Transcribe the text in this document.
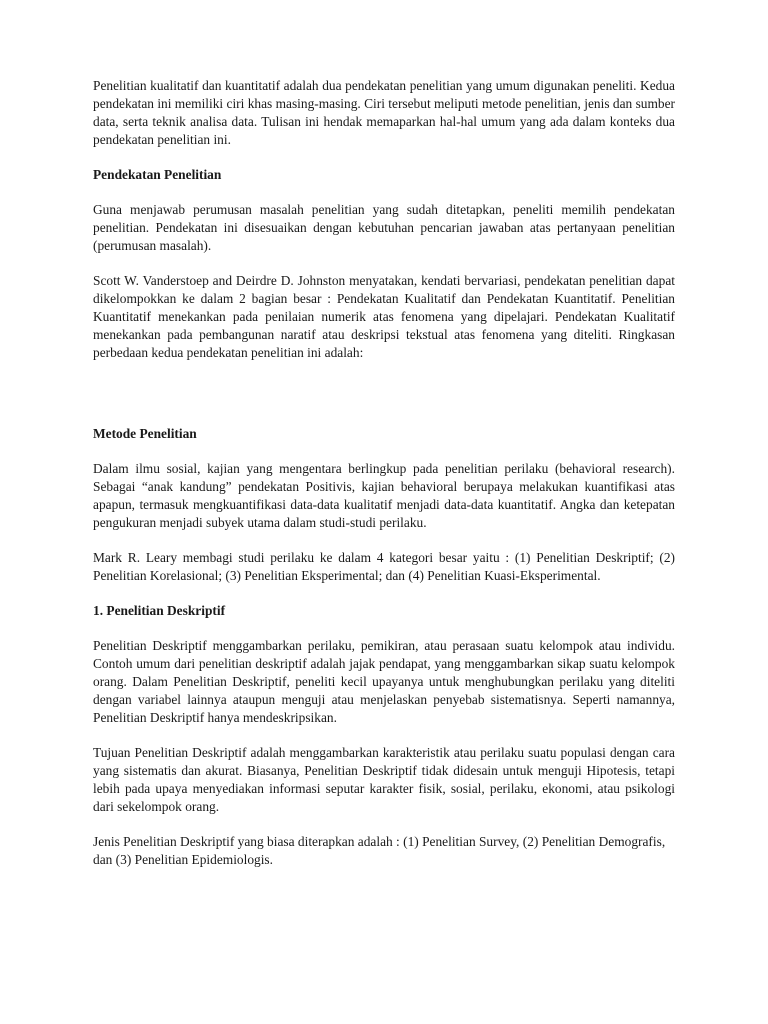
Penelitian kualitatif dan kuantitatif adalah dua pendekatan penelitian yang umum digunakan peneliti. Kedua pendekatan ini memiliki ciri khas masing-masing. Ciri tersebut meliputi metode penelitian, jenis dan sumber data, serta teknik analisa data. Tulisan ini hendak memaparkan hal-hal umum yang ada dalam konteks dua pendekatan penelitian ini.

Pendekatan Penelitian

Guna menjawab perumusan masalah penelitian yang sudah ditetapkan, peneliti memilih pendekatan penelitian. Pendekatan ini disesuaikan dengan kebutuhan pencarian jawaban atas pertanyaan penelitian (perumusan masalah).

Scott W. Vanderstoep and Deirdre D. Johnston menyatakan, kendati bervariasi, pendekatan penelitian dapat dikelompokkan ke dalam 2 bagian besar : Pendekatan Kualitatif dan Pendekatan Kuantitatif. Penelitian Kuantitatif menekankan pada penilaian numerik atas fenomena yang dipelajari. Pendekatan Kualitatif menekankan pada pembangunan naratif atau deskripsi tekstual atas fenomena yang diteliti. Ringkasan perbedaan kedua pendekatan penelitian ini adalah:

Metode Penelitian

Dalam ilmu sosial, kajian yang mengentara berlingkup pada penelitian perilaku (behavioral research). Sebagai “anak kandung” pendekatan Positivis, kajian behavioral berupaya melakukan kuantifikasi atas apapun, termasuk mengkuantifikasi data-data kualitatif menjadi data-data kuantitatif. Angka dan ketepatan pengukuran menjadi subyek utama dalam studi-studi perilaku.

Mark R. Leary membagi studi perilaku ke dalam 4 kategori besar yaitu : (1) Penelitian Deskriptif; (2) Penelitian Korelasional; (3) Penelitian Eksperimental; dan (4) Penelitian Kuasi-Eksperimental.

1. Penelitian Deskriptif

Penelitian Deskriptif menggambarkan perilaku, pemikiran, atau perasaan suatu kelompok atau individu. Contoh umum dari penelitian deskriptif adalah jajak pendapat, yang menggambarkan sikap suatu kelompok orang. Dalam Penelitian Deskriptif, peneliti kecil upayanya untuk menghubungkan perilaku yang diteliti dengan variabel lainnya ataupun menguji atau menjelaskan penyebab sistematisnya. Seperti namannya, Penelitian Deskriptif hanya mendeskripsikan.

Tujuan Penelitian Deskriptif adalah menggambarkan karakteristik atau perilaku suatu populasi dengan cara yang sistematis dan akurat. Biasanya, Penelitian Deskriptif tidak didesain untuk menguji Hipotesis, tetapi lebih pada upaya menyediakan informasi seputar karakter fisik, sosial, perilaku, ekonomi, atau psikologi dari sekelompok orang.

Jenis Penelitian Deskriptif yang biasa diterapkan adalah : (1) Penelitian Survey, (2) Penelitian Demografis, dan (3) Penelitian Epidemiologis.
